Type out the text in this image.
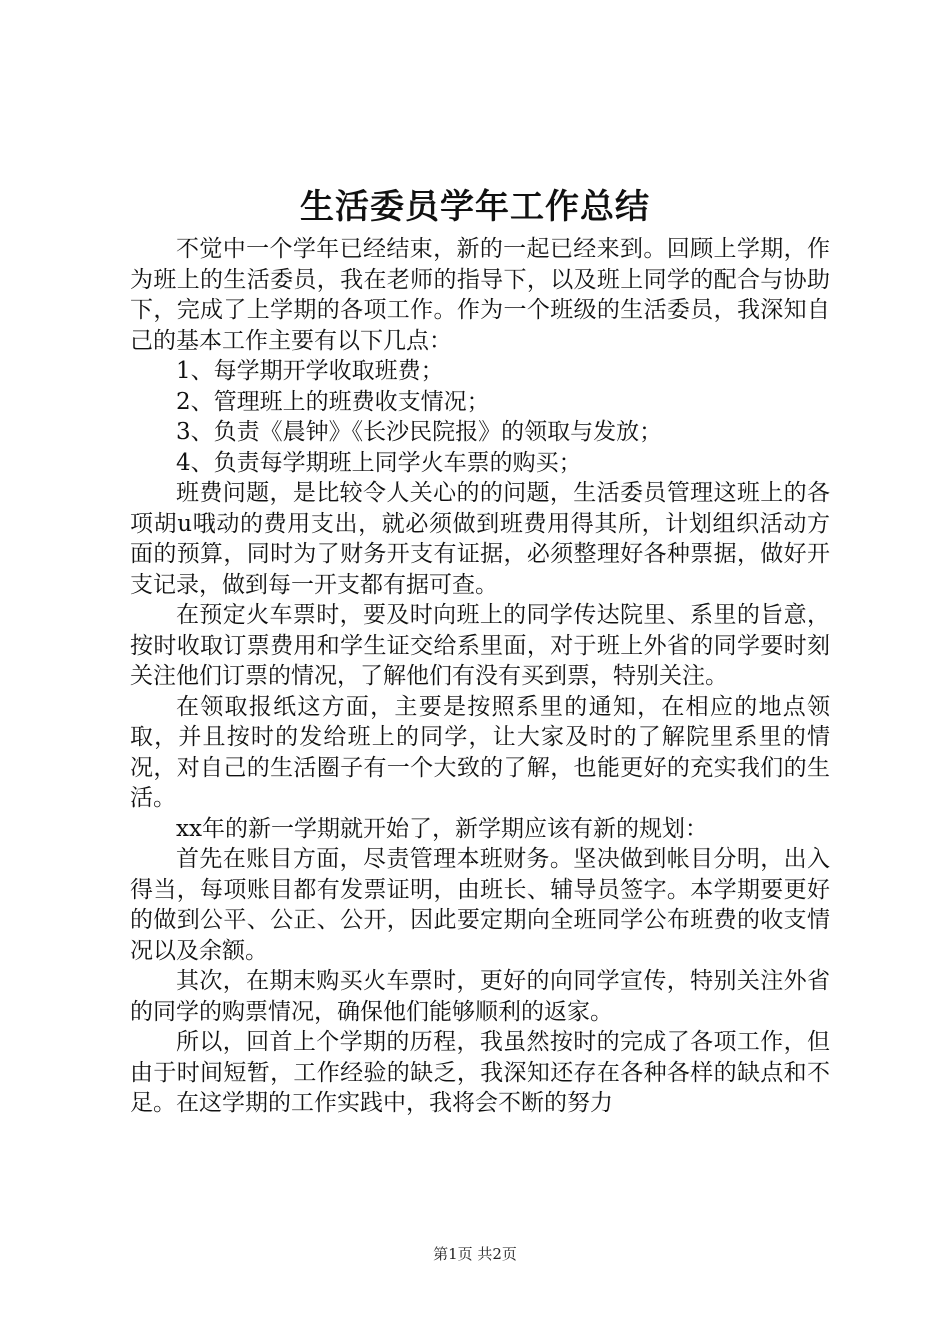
生活委员学年工作总结

不觉中一个学年已经结束，新的一起已经来到。回顾上学期，作为班上的生活委员，我在老师的指导下，以及班上同学的配合与协助下，完成了上学期的各项工作。作为一个班级的生活委员，我深知自己的基本工作主要有以下几点：

1、每学期开学收取班费；

2、管理班上的班费收支情况；

3、负责《晨钟》《长沙民院报》的领取与发放；

4、负责每学期班上同学火车票的购买；

班费问题，是比较令人关心的的问题，生活委员管理这班上的各项胡u哦动的费用支出，就必须做到班费用得其所，计划组织活动方面的预算，同时为了财务开支有证据，必须整理好各种票据，做好开支记录，做到每一开支都有据可查。

在预定火车票时，要及时向班上的同学传达院里、系里的旨意，按时收取订票费用和学生证交给系里面，对于班上外省的同学要时刻关注他们订票的情况，了解他们有没有买到票，特别关注。

在领取报纸这方面，主要是按照系里的通知，在相应的地点领取，并且按时的发给班上的同学，让大家及时的了解院里系里的情况，对自己的生活圈子有一个大致的了解，也能更好的充实我们的生活。

xx年的新一学期就开始了，新学期应该有新的规划：

首先在账目方面，尽责管理本班财务。坚决做到帐目分明，出入得当，每项账目都有发票证明，由班长、辅导员签字。本学期要更好的做到公平、公正、公开，因此要定期向全班同学公布班费的收支情况以及余额。

其次，在期末购买火车票时，更好的向同学宣传，特别关注外省的同学的购票情况，确保他们能够顺利的返家。

所以，回首上个学期的历程，我虽然按时的完成了各项工作，但由于时间短暂，工作经验的缺乏，我深知还存在各种各样的缺点和不足。在这学期的工作实践中，我将会不断的努力

第1页 共2页
